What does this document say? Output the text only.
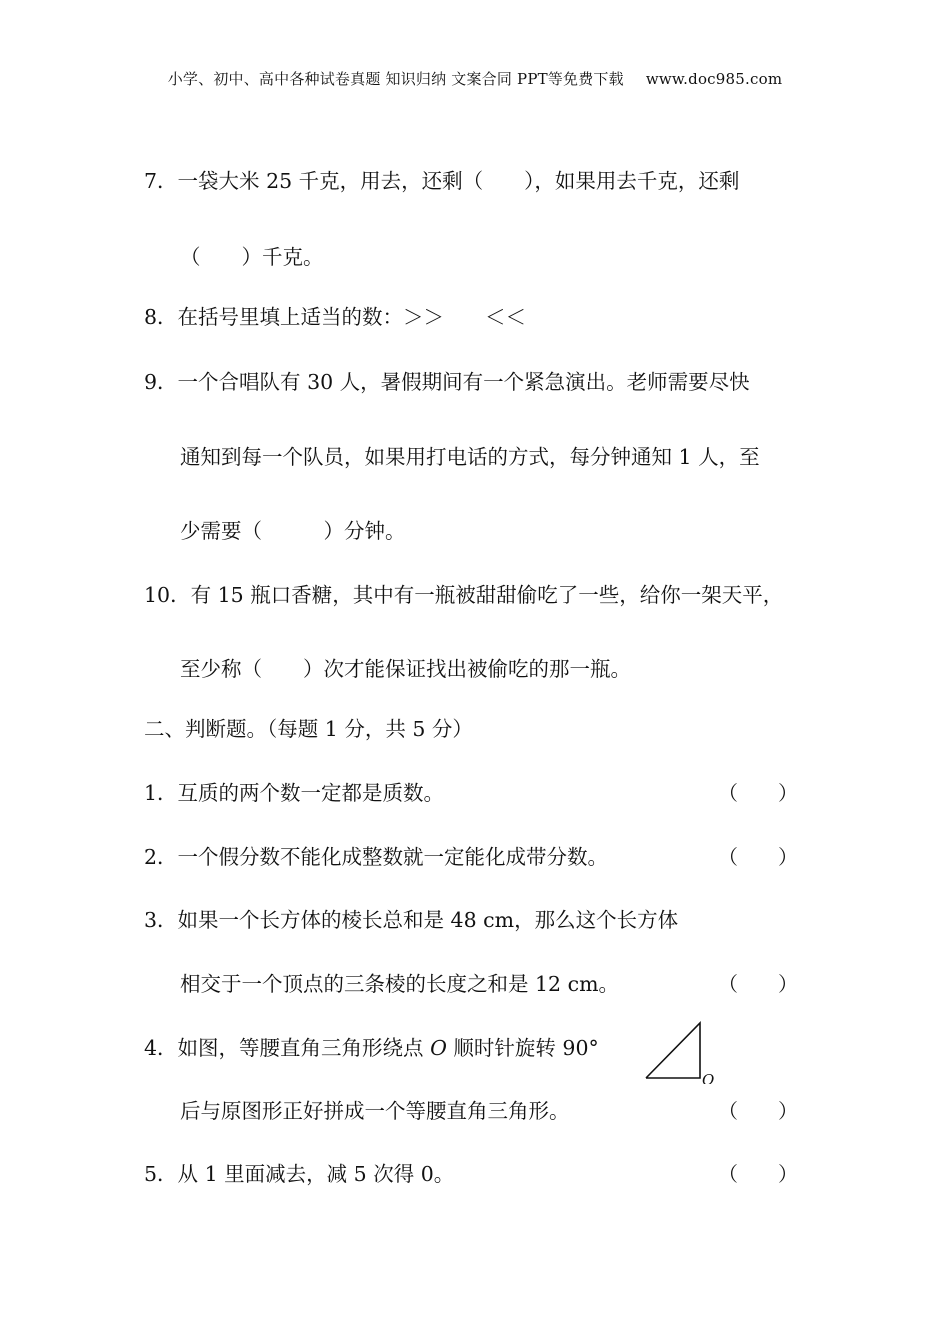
小学、初中、高中各种试卷真题 知识归纳 文案合同 PPT等免费下载 www.doc985.com
7．一袋大米 25 千克，用去，还剩（　　），如果用去千克，还剩
（　　）千克。
8．在括号里填上适当的数：＞＞　　＜＜
9．一个合唱队有 30 人，暑假期间有一个紧急演出。老师需要尽快
通知到每一个队员，如果用打电话的方式，每分钟通知 1 人，至
少需要（　　　）分钟。
10．有 15 瓶口香糖，其中有一瓶被甜甜偷吃了一些，给你一架天平，
至少称（　　）次才能保证找出被偷吃的那一瓶。
二、判断题。（每题 1 分，共 5 分）
1．互质的两个数一定都是质数。	（　　）
2．一个假分数不能化成整数就一定能化成带分数。	（　　）
3．如果一个长方体的棱长总和是 48 cm，那么这个长方体
相交于一个顶点的三条棱的长度之和是 12 cm。	（　　）
4．如图，等腰直角三角形绕点 O 顺时针旋转 90°
O
后与原图形正好拼成一个等腰直角三角形。	（　　）
5．从 1 里面减去，减 5 次得 0。	（　　）
